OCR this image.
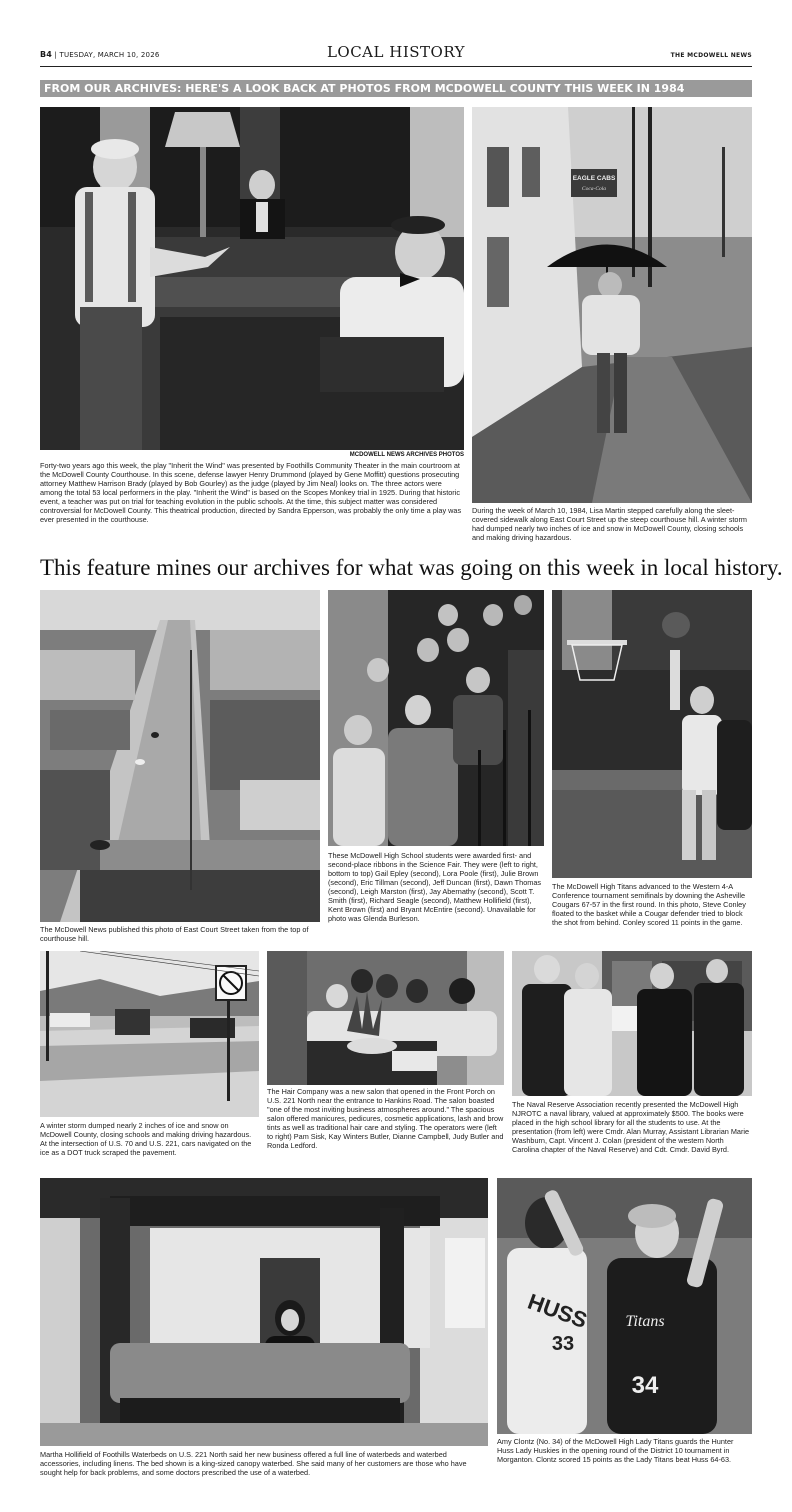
B4 | TUESDAY, MARCH 10, 2026	LOCAL HISTORY	THE MCDOWELL NEWS
FROM OUR ARCHIVES: HERE'S A LOOK BACK AT PHOTOS FROM MCDOWELL COUNTY THIS WEEK IN 1984
MCDOWELL NEWS ARCHIVES PHOTOS
Forty-two years ago this week, the play "Inherit the Wind" was presented by Foothills Community Theater in the main courtroom at the McDowell County Courthouse. In this scene, defense lawyer Henry Drummond (played by Gene Moffitt) questions prosecuting attorney Matthew Harrison Brady (played by Bob Gourley) as the judge (played by Jim Neal) looks on. The three actors were among the total 53 local performers in the play. "Inherit the Wind" is based on the Scopes Monkey trial in 1925. During that historic event, a teacher was put on trial for teaching evolution in the public schools. At the time, this subject matter was considered controversial for McDowell County. This theatrical production, directed by Sandra Epperson, was probably the only time a play was ever presented in the courthouse.
EAGLE CABS
Coca-Cola
During the week of March 10, 1984, Lisa Martin stepped carefully along the sleet-covered sidewalk along East Court Street up the steep courthouse hill. A winter storm had dumped nearly two inches of ice and snow in McDowell County, closing schools and making driving hazardous.
This feature mines our archives for what was going on this week in local history.
The McDowell News published this photo of East Court Street taken from the top of courthouse hill.
These McDowell High School students were awarded first- and second-place ribbons in the Science Fair. They were (left to right, bottom to top) Gail Epley (second), Lora Poole (first), Julie Brown (second), Eric Tillman (second), Jeff Duncan (first), Dawn Thomas (second), Leigh Marston (first), Jay Abernathy (second), Scott T. Smith (first), Richard Seagle (second), Matthew Hollifield (first), Kent Brown (first) and Bryant McEntire (second). Unavailable for photo was Glenda Burleson.
The McDowell High Titans advanced to the Western 4-A Conference tournament semifinals by downing the Asheville Cougars 67-57 in the first round. In this photo, Steve Conley floated to the basket while a Cougar defender tried to block the shot from behind. Conley scored 11 points in the game.
A winter storm dumped nearly 2 inches of ice and snow on McDowell County, closing schools and making driving hazardous. At the intersection of U.S. 70 and U.S. 221, cars navigated on the ice as a DOT truck scraped the pavement.
The Hair Company was a new salon that opened in the Front Porch on U.S. 221 North near the entrance to Hankins Road. The salon boasted "one of the most inviting business atmospheres around." The spacious salon offered manicures, pedicures, cosmetic applications, lash and brow tints as well as traditional hair care and styling. The operators were (left to right) Pam Sisk, Kay Winters Butler, Dianne Campbell, Judy Butler and Ronda Ledford.
The Naval Reserve Association recently presented the McDowell High NJROTC a naval library, valued at approximately $500. The books were placed in the high school library for all the students to use. At the presentation (from left) were Cmdr. Alan Murray, Assistant Librarian Marie Washburn, Capt. Vincent J. Colan (president of the western North Carolina chapter of the Naval Reserve) and Cdt. Cmdr. David Byrd.
Martha Hollifield of Foothills Waterbeds on U.S. 221 North said her new business offered a full line of waterbeds and waterbed accessories, including linens. The bed shown is a king-sized canopy waterbed. She said many of her customers are those who have sought help for back problems, and some doctors prescribed the use of a waterbed.
HUSS
33
Titans
34
Amy Clontz (No. 34) of the McDowell High Lady Titans guards the Hunter Huss Lady Huskies in the opening round of the District 10 tournament in Morganton. Clontz scored 15 points as the Lady Titans beat Huss 64-63.
